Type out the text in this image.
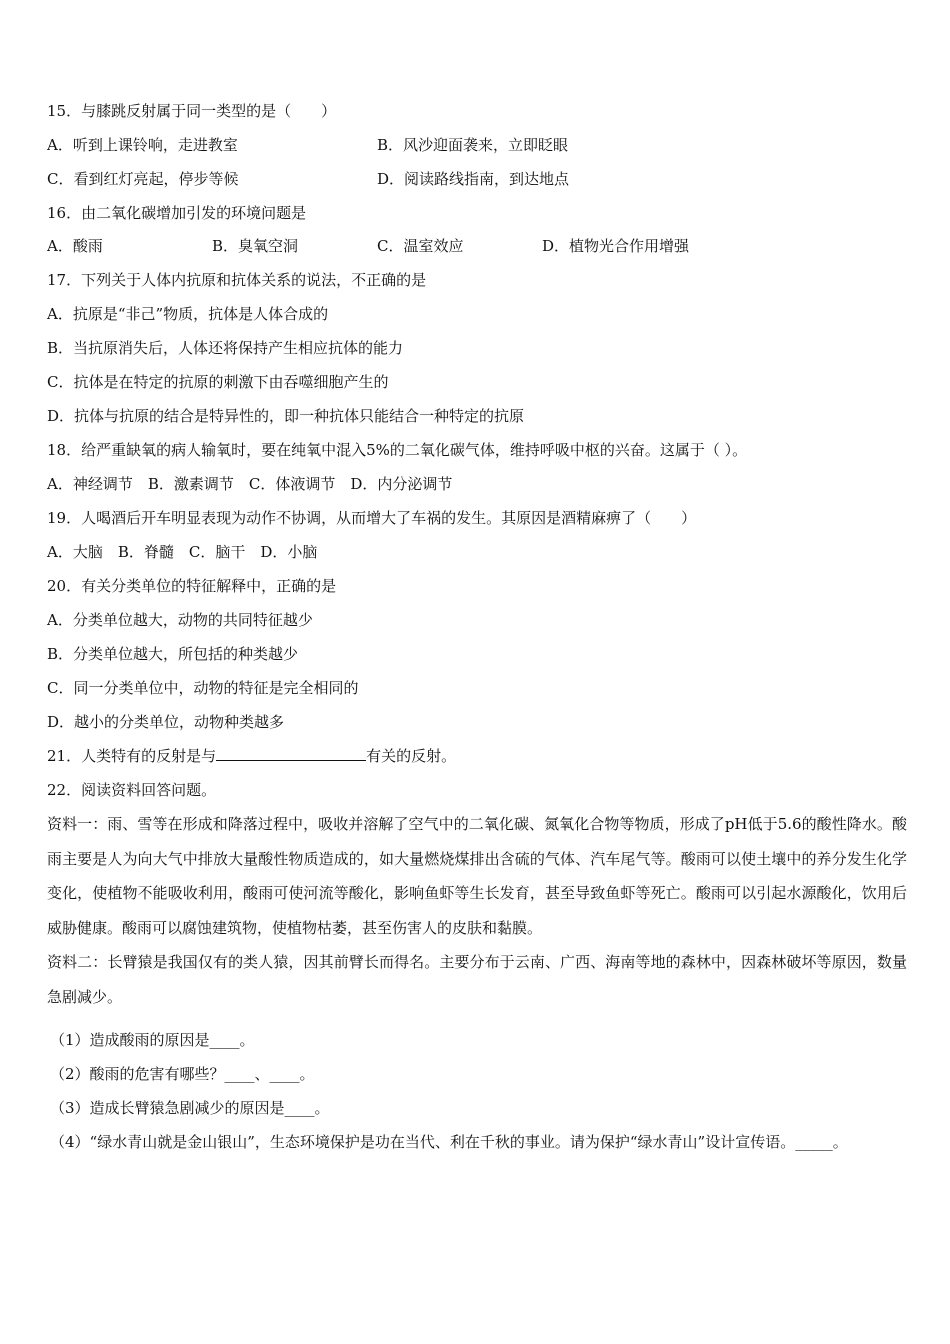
15．与膝跳反射属于同一类型的是（　　）
A．听到上课铃响，走进教室	B．风沙迎面袭来，立即眨眼
C．看到红灯亮起，停步等候	D．阅读路线指南，到达地点
16．由二氧化碳增加引发的环境问题是
A．酸雨	B．臭氧空洞	C．温室效应	D．植物光合作用增强
17．下列关于人体内抗原和抗体关系的说法，不正确的是
A．抗原是“非己”物质，抗体是人体合成的
B．当抗原消失后，人体还将保持产生相应抗体的能力
C．抗体是在特定的抗原的刺激下由吞噬细胞产生的
D．抗体与抗原的结合是特异性的，即一种抗体只能结合一种特定的抗原
18．给严重缺氧的病人输氧时，要在纯氧中混入5%的二氧化碳气体，维持呼吸中枢的兴奋。这属于（ ）。
A．神经调节　B．激素调节　C．体液调节　D．内分泌调节
19．人喝酒后开车明显表现为动作不协调，从而增大了车祸的发生。其原因是酒精麻痹了（　　）
A．大脑　B．脊髓　C．脑干　D．小脑
20．有关分类单位的特征解释中，正确的是
A．分类单位越大，动物的共同特征越少
B．分类单位越大，所包括的种类越少
C．同一分类单位中，动物的特征是完全相同的
D．越小的分类单位，动物种类越多
21．人类特有的反射是与	有关的反射。
22．阅读资料回答问题。
资料一：雨、雪等在形成和降落过程中，吸收并溶解了空气中的二氧化碳、氮氧化合物等物质，形成了pH低于5.6的酸性降水。酸雨主要是人为向大气中排放大量酸性物质造成的，如大量燃烧煤排出含硫的气体、汽车尾气等。酸雨可以使土壤中的养分发生化学变化，使植物不能吸收利用，酸雨可使河流等酸化，影响鱼虾等生长发育，甚至导致鱼虾等死亡。酸雨可以引起水源酸化，饮用后威胁健康。酸雨可以腐蚀建筑物，使植物枯萎，甚至伤害人的皮肤和黏膜。
资料二：长臂猿是我国仅有的类人猿，因其前臂长而得名。主要分布于云南、广西、海南等地的森林中，因森林破坏等原因，数量急剧减少。
（1）造成酸雨的原因是____。
（2）酸雨的危害有哪些？____、____。
（3）造成长臂猿急剧减少的原因是____。
（4）“绿水青山就是金山银山”，生态环境保护是功在当代、利在千秋的事业。请为保护“绿水青山”设计宣传语。_____。
